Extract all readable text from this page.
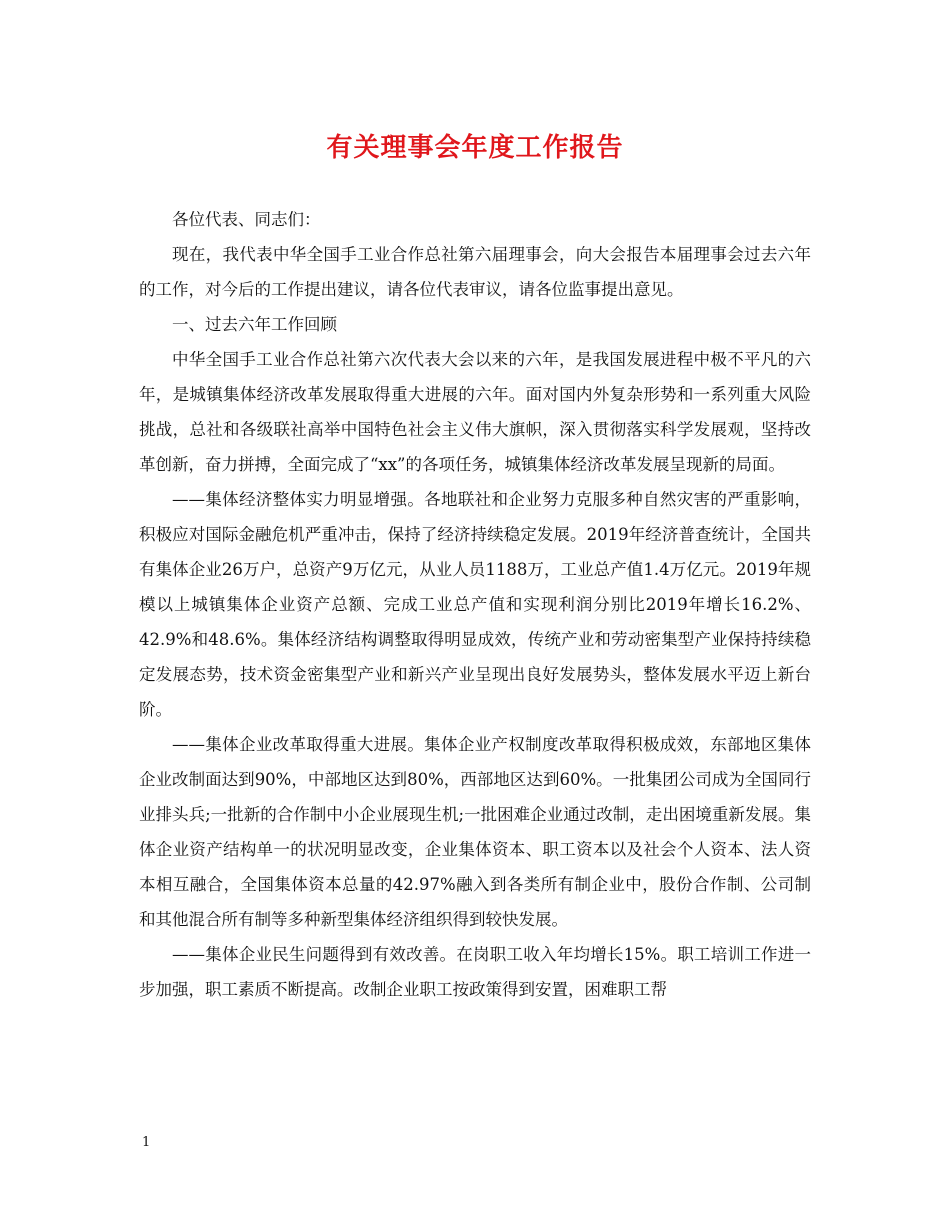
有关理事会年度工作报告

各位代表、同志们：

现在，我代表中华全国手工业合作总社第六届理事会，向大会报告本届理事会过去六年的工作，对今后的工作提出建议，请各位代表审议，请各位监事提出意见。

一、过去六年工作回顾

中华全国手工业合作总社第六次代表大会以来的六年，是我国发展进程中极不平凡的六年，是城镇集体经济改革发展取得重大进展的六年。面对国内外复杂形势和一系列重大风险挑战，总社和各级联社高举中国特色社会主义伟大旗帜，深入贯彻落实科学发展观，坚持改革创新，奋力拼搏，全面完成了“xx”的各项任务，城镇集体经济改革发展呈现新的局面。

——集体经济整体实力明显增强。各地联社和企业努力克服多种自然灾害的严重影响，积极应对国际金融危机严重冲击，保持了经济持续稳定发展。2019年经济普查统计，全国共有集体企业26万户，总资产9万亿元，从业人员1188万，工业总产值1.4万亿元。2019年规模以上城镇集体企业资产总额、完成工业总产值和实现利润分别比2019年增长16.2%、42.9%和48.6%。集体经济结构调整取得明显成效，传统产业和劳动密集型产业保持持续稳定发展态势，技术资金密集型产业和新兴产业呈现出良好发展势头，整体发展水平迈上新台阶。

——集体企业改革取得重大进展。集体企业产权制度改革取得积极成效，东部地区集体企业改制面达到90%，中部地区达到80%，西部地区达到60%。一批集团公司成为全国同行业排头兵;一批新的合作制中小企业展现生机;一批困难企业通过改制，走出困境重新发展。集体企业资产结构单一的状况明显改变，企业集体资本、职工资本以及社会个人资本、法人资本相互融合，全国集体资本总量的42.97%融入到各类所有制企业中，股份合作制、公司制和其他混合所有制等多种新型集体经济组织得到较快发展。

——集体企业民生问题得到有效改善。在岗职工收入年均增长15%。职工培训工作进一步加强，职工素质不断提高。改制企业职工按政策得到安置，困难职工帮

1
